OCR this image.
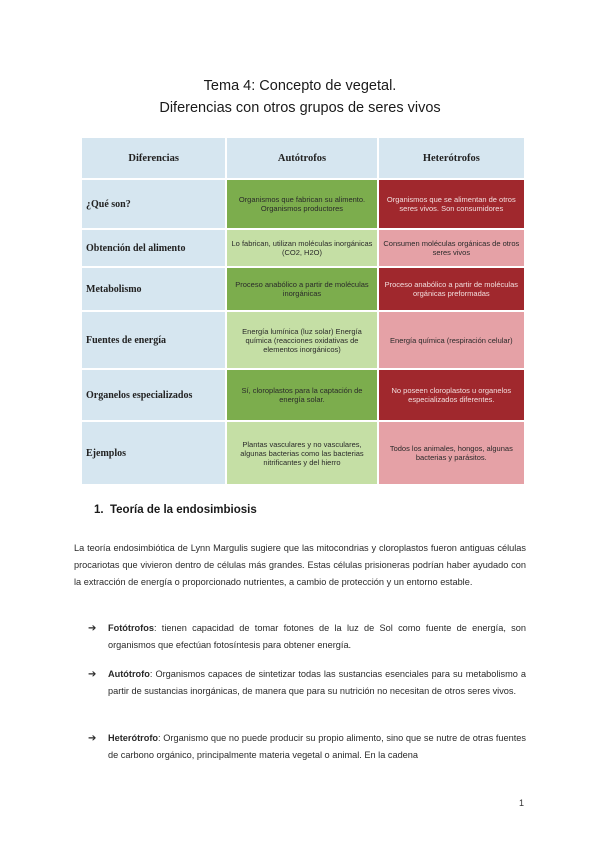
Tema 4: Concepto de vegetal.
Diferencias con otros grupos de seres vivos
Diferencias	Autótrofos	Heterótrofos
¿Qué son?	Organismos que fabrican su alimento. Organismos productores	Organismos que se alimentan de otros seres vivos. Son consumidores
Obtención del alimento	Lo fabrican, utilizan moléculas inorgánicas (CO2, H2O)	Consumen moléculas orgánicas de otros seres vivos
Metabolismo	Proceso anabólico a partir de moléculas inorgánicas	Proceso anabólico a partir de moléculas orgánicas preformadas
Fuentes de energía	Energía lumínica (luz solar) Energía química (reacciones oxidativas de elementos inorgánicos)	Energía química (respiración celular)
Organelos especializados	Sí, cloroplastos para la captación de energía solar.	No poseen cloroplastos u organelos especializados diferentes.
Ejemplos	Plantas vasculares y no vasculares, algunas bacterias como las bacterias nitrificantes y del hierro	Todos los animales, hongos, algunas bacterias y parásitos.
1. Teoría de la endosimbiosis
La teoría endosimbiótica de Lynn Margulis sugiere que las mitocondrias y cloroplastos fueron antiguas células procariotas que vivieron dentro de células más grandes. Estas células prisioneras podrían haber ayudado con la extracción de energía o proporcionado nutrientes, a cambio de protección y un entorno estable.
➔ Fotótrofos: tienen capacidad de tomar fotones de la luz de Sol como fuente de energía, son organismos que efectúan fotosíntesis para obtener energía.
➔ Autótrofo: Organismos capaces de sintetizar todas las sustancias esenciales para su metabolismo a partir de sustancias inorgánicas, de manera que para su nutrición no necesitan de otros seres vivos.
➔ Heterótrofo: Organismo que no puede producir su propio alimento, sino que se nutre de otras fuentes de carbono orgánico, principalmente materia vegetal o animal. En la cadena
1
